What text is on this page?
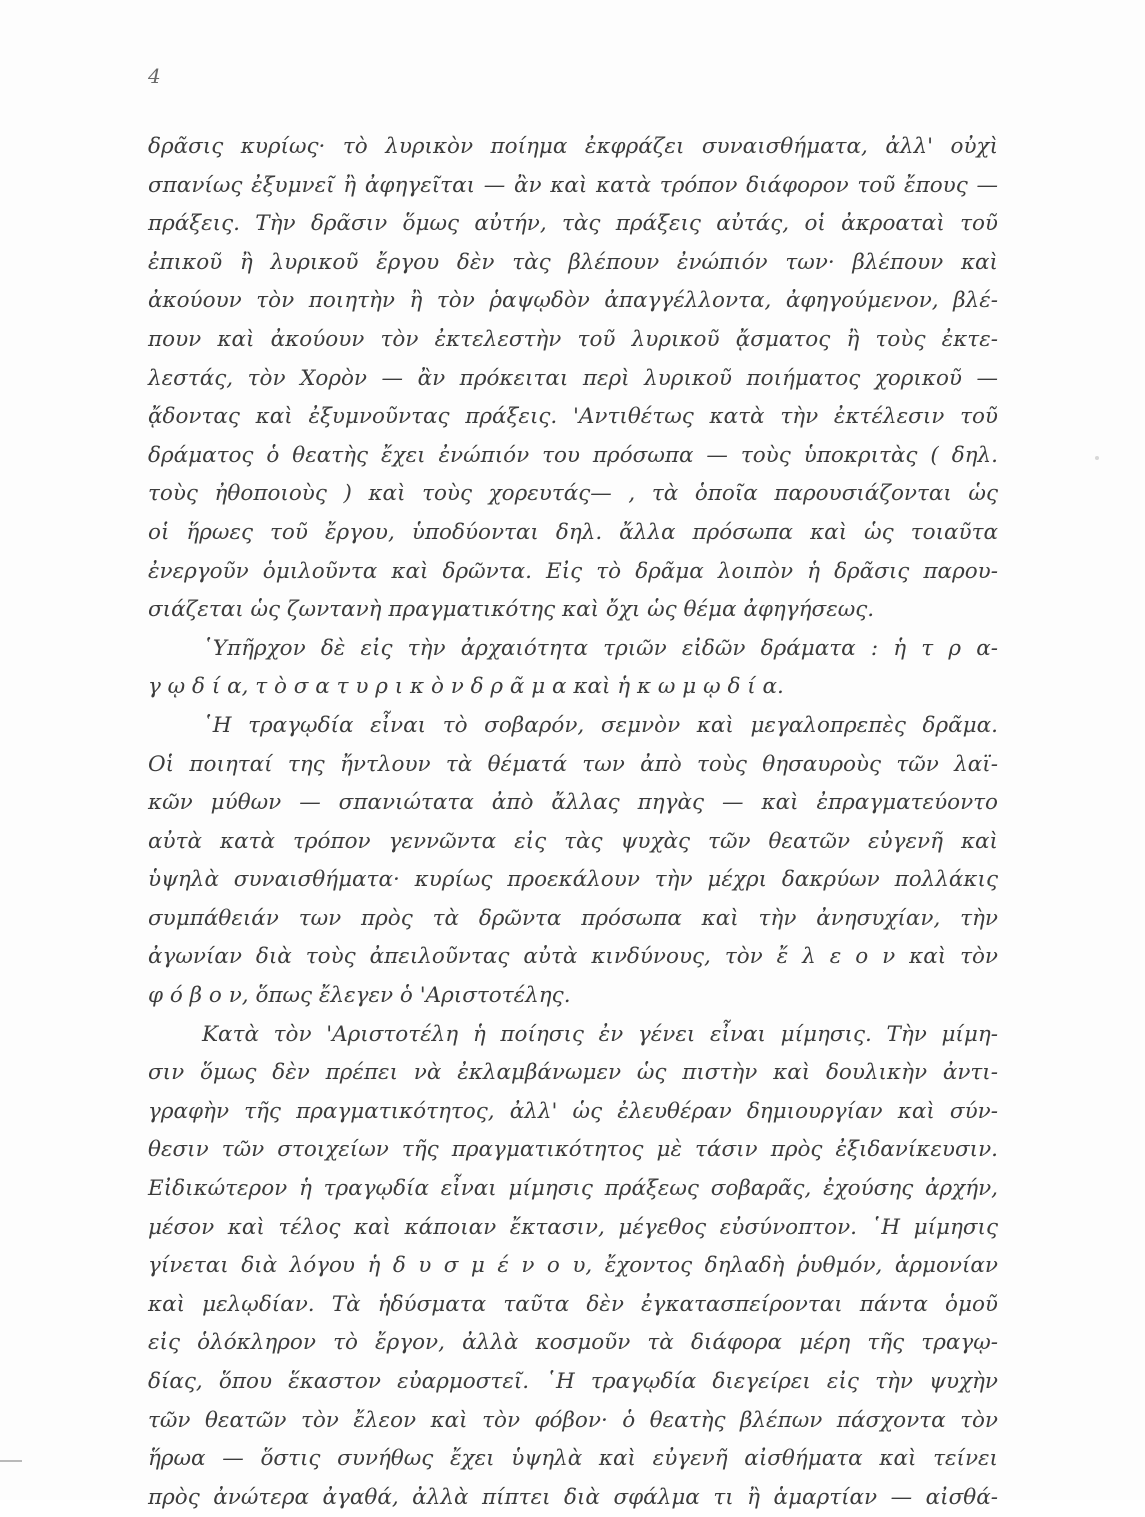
4
δρᾶσις κυρίως· τὸ λυρικὸν ποίημα ἐκφράζει συναισθήματα, ἀλλ' οὐχὶ
σπανίως ἐξυμνεῖ ἢ ἀφηγεῖται — ἂν καὶ κατὰ τρόπον διάφορον τοῦ ἔπους —
πράξεις. Τὴν δρᾶσιν ὅμως αὐτήν, τὰς πράξεις αὐτάς, οἱ ἀκροαταὶ τοῦ
ἐπικοῦ ἢ λυρικοῦ ἔργου δὲν τὰς βλέπουν ἐνώπιόν των· βλέπουν καὶ
ἀκούουν τὸν ποιητὴν ἢ τὸν ῥαψῳδὸν ἀπαγγέλλοντα, ἀφηγούμενον, βλέ-
πουν καὶ ἀκούουν τὸν ἐκτελεστὴν τοῦ λυρικοῦ ᾄσματος ἢ τοὺς ἐκτε-
λεστάς, τὸν Χορὸν — ἂν πρόκειται περὶ λυρικοῦ ποιήματος χορικοῦ —
ᾄδοντας καὶ ἐξυμνοῦντας πράξεις. 'Αντιθέτως κατὰ τὴν ἐκτέλεσιν τοῦ
δράματος ὁ θεατὴς ἔχει ἐνώπιόν του πρόσωπα — τοὺς ὑποκριτὰς ( δηλ.
τοὺς ἠθοποιοὺς ) καὶ τοὺς χορευτάς— , τὰ ὁποῖα παρουσιάζονται ὡς
οἱ ἥρωες τοῦ ἔργου, ὑποδύονται δηλ. ἄλλα πρόσωπα καὶ ὡς τοιαῦτα
ἐνεργοῦν ὁμιλοῦντα καὶ δρῶντα. Εἰς τὸ δρᾶμα λοιπὸν ἡ δρᾶσις παρου-
σιάζεται ὡς ζωντανὴ πραγματικότης καὶ ὄχι ὡς θέμα ἀφηγήσεως.
῾Υπῆρχον δὲ εἰς τὴν ἀρχαιότητα τριῶν εἰδῶν δράματα : ἡ τ ρ α-
γ ῳ δ ί α, τ ὸ σ α τ υ ρ ι κ ὸ ν δ ρ ᾶ μ α καὶ ἡ κ ω μ ῳ δ ί α.
῾Η τραγῳδία εἶναι τὸ σοβαρόν, σεμνὸν καὶ μεγαλοπρεπὲς δρᾶμα.
Οἱ ποιηταί της ἤντλουν τὰ θέματά των ἀπὸ τοὺς θησαυροὺς τῶν λαϊ-
κῶν μύθων — σπανιώτατα ἀπὸ ἄλλας πηγὰς — καὶ ἐπραγματεύοντο
αὐτὰ κατὰ τρόπον γεννῶντα εἰς τὰς ψυχὰς τῶν θεατῶν εὐγενῆ καὶ
ὑψηλὰ συναισθήματα· κυρίως προεκάλουν τὴν μέχρι δακρύων πολλάκις
συμπάθειάν των πρὸς τὰ δρῶντα πρόσωπα καὶ τὴν ἀνησυχίαν, τὴν
ἀγωνίαν διὰ τοὺς ἀπειλοῦντας αὐτὰ κινδύνους, τὸν ἔ λ ε ο ν καὶ τὸν
φ ό β ο ν, ὅπως ἔλεγεν ὁ 'Αριστοτέλης.
Κατὰ τὸν 'Αριστοτέλη ἡ ποίησις ἐν γένει εἶναι μίμησις. Τὴν μίμη-
σιν ὅμως δὲν πρέπει νὰ ἐκλαμβάνωμεν ὡς πιστὴν καὶ δουλικὴν ἀντι-
γραφὴν τῆς πραγματικότητος, ἀλλ' ὡς ἐλευθέραν δημιουργίαν καὶ σύν-
θεσιν τῶν στοιχείων τῆς πραγματικότητος μὲ τάσιν πρὸς ἐξιδανίκευσιν.
Εἰδικώτερον ἡ τραγῳδία εἶναι μίμησις πράξεως σοβαρᾶς, ἐχούσης ἀρχήν,
μέσον καὶ τέλος καὶ κάποιαν ἔκτασιν, μέγεθος εὐσύνοπτον. ῾Η μίμησις
γίνεται διὰ λόγου ἡ δ υ σ μ έ ν ο υ, ἔχοντος δηλαδὴ ῥυθμόν, ἁρμονίαν
καὶ μελῳδίαν. Τὰ ἡδύσματα ταῦτα δὲν ἐγκατασπείρονται πάντα ὁμοῦ
εἰς ὁλόκληρον τὸ ἔργον, ἀλλὰ κοσμοῦν τὰ διάφορα μέρη τῆς τραγῳ-
δίας, ὅπου ἕκαστον εὐαρμοστεῖ. ῾Η τραγῳδία διεγείρει εἰς τὴν ψυχὴν
τῶν θεατῶν τὸν ἔλεον καὶ τὸν φόβον· ὁ θεατὴς βλέπων πάσχοντα τὸν
ἥρωα — ὅστις συνήθως ἔχει ὑψηλὰ καὶ εὐγενῆ αἰσθήματα καὶ τείνει
πρὸς ἀνώτερα ἀγαθά, ἀλλὰ πίπτει διὰ σφάλμα τι ἢ ἁμαρτίαν — αἰσθά-
